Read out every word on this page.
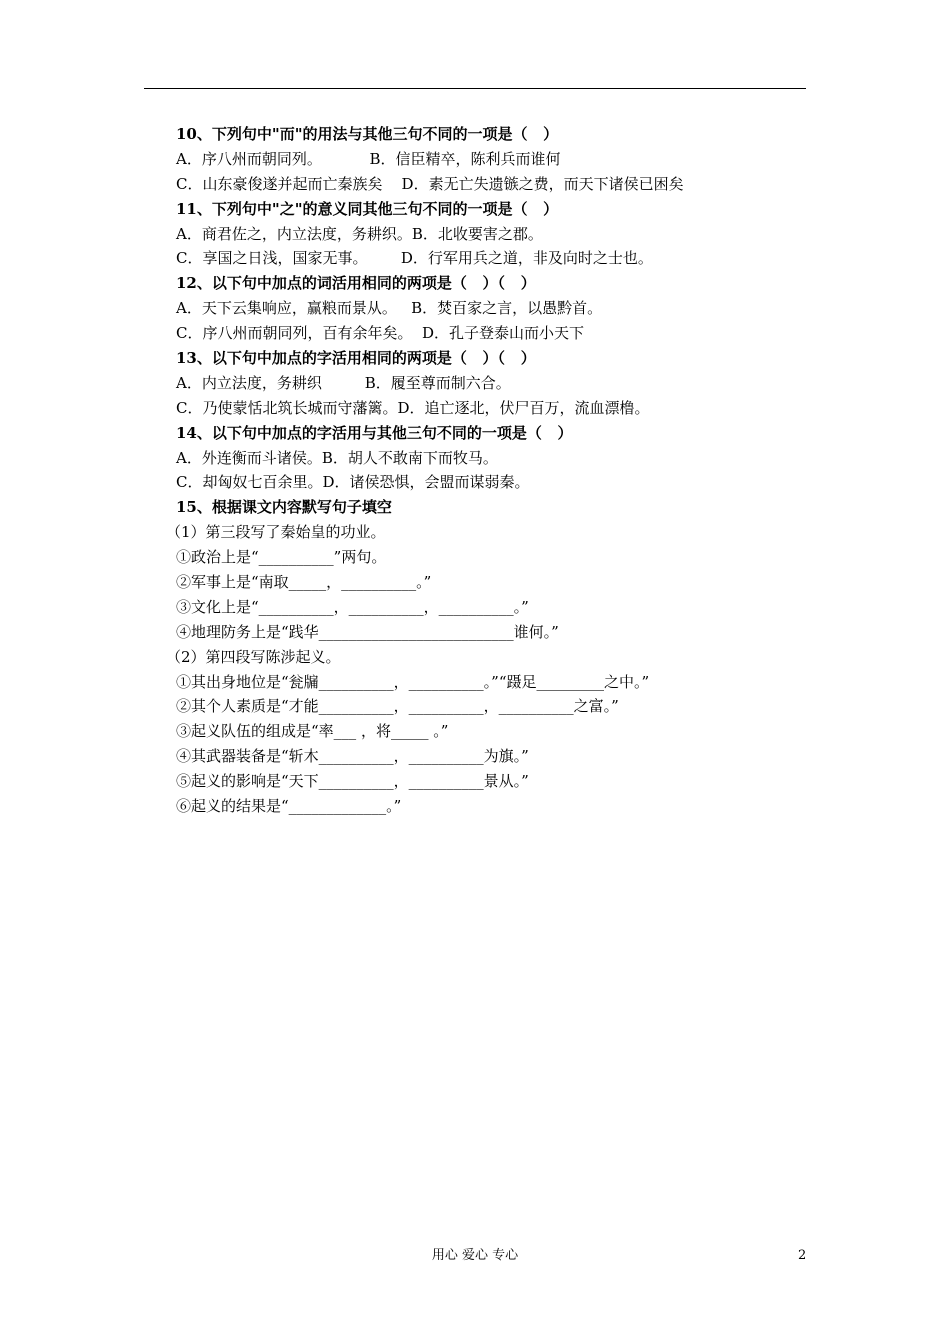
10、下列句中"而"的用法与其他三句不同的一项是（   ）
A．序八州而朝同列。          B．信臣精卒，陈利兵而谁何
C．山东豪俊遂并起而亡秦族矣    D．素无亡失遗镞之费，而天下诸侯已困矣
11、下列句中"之"的意义同其他三句不同的一项是（   ）
A．商君佐之，内立法度，务耕织。B．北收要害之郡。
C．享国之日浅，国家无事。       D．行军用兵之道，非及向时之士也。
12、以下句中加点的词活用相同的两项是（   ）（   ）
A．天下云集响应，赢粮而景从。   B．焚百家之言，以愚黔首。
C．序八州而朝同列，百有余年矣。  D．孔子登泰山而小天下
13、以下句中加点的字活用相同的两项是（   ）（   ）
A．内立法度，务耕织         B．履至尊而制六合。
C．乃使蒙恬北筑长城而守藩篱。D．追亡逐北，伏尸百万，流血漂橹。
14、以下句中加点的字活用与其他三句不同的一项是（   ）
A．外连衡而斗诸侯。B．胡人不敢南下而牧马。
C．却匈奴七百余里。D．诸侯恐惧，会盟而谋弱秦。
15、根据课文内容默写句子填空
（1）第三段写了秦始皇的功业。
①政治上是“__________”两句。
②军事上是“南取_____，__________。”
③文化上是“__________，__________，__________。”
④地理防务上是“践华__________________________谁何。”
（2）第四段写陈涉起义。
①其出身地位是“瓮牖__________，__________。”“蹑足_________之中。”
②其个人素质是“才能__________，__________，__________之富。”
③起义队伍的组成是“率___ ，将_____ 。”
④其武器装备是“斩木__________，__________为旗。”
⑤起义的影响是“天下__________，__________景从。”
⑥起义的结果是“_____________。”
用心 爱心 专心	2
